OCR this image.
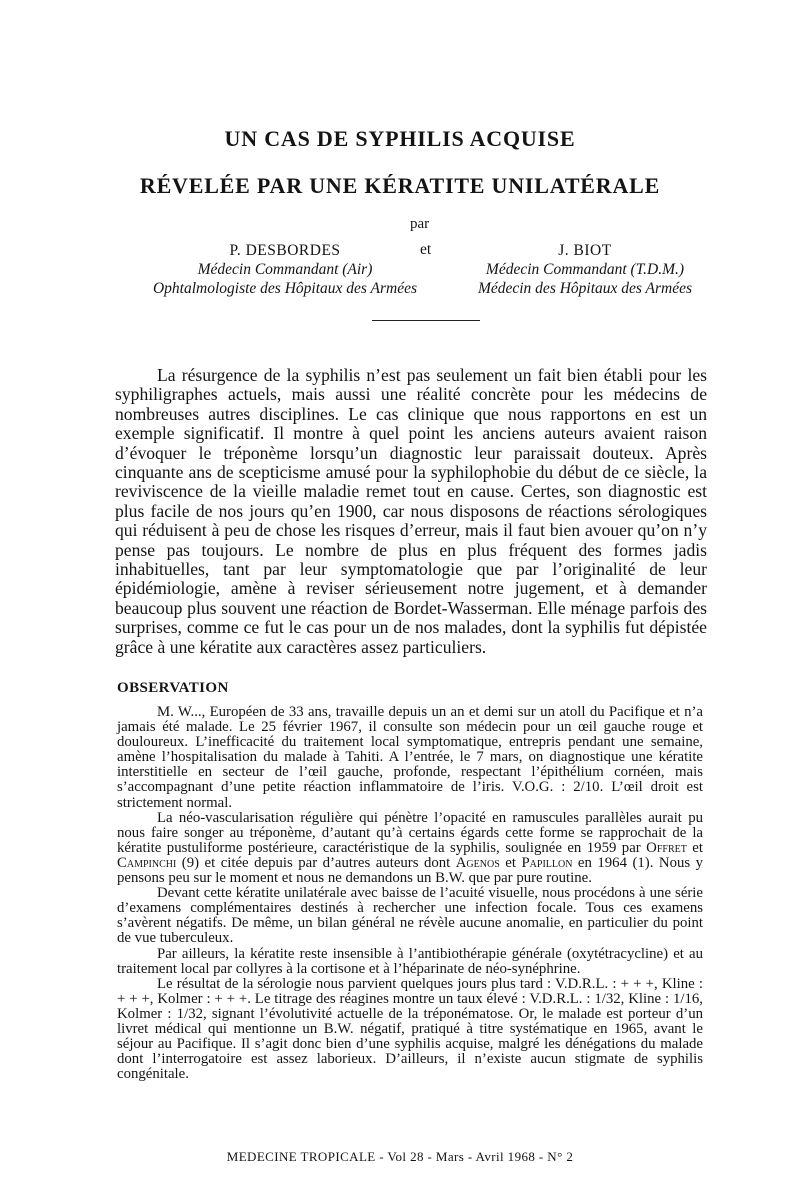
UN CAS DE SYPHILIS ACQUISE
RÉVELÉE PAR UNE KÉRATITE UNILATÉRALE
par
P. DESBORDES
Médecin Commandant (Air)
Ophtalmologiste des Hôpitaux des Armées
et	J. BIOT
Médecin Commandant (T.D.M.)
Médecin des Hôpitaux des Armées

La résurgence de la syphilis n’est pas seulement un fait bien établi pour les syphiligraphes actuels, mais aussi une réalité concrète pour les médecins de nombreuses autres disciplines. Le cas clinique que nous rapportons en est un exemple significatif. Il montre à quel point les anciens auteurs avaient raison d’évoquer le tréponème lorsqu’un diagnostic leur paraissait douteux. Après cinquante ans de scepticisme amusé pour la syphilophobie du début de ce siècle, la reviviscence de la vieille maladie remet tout en cause. Certes, son diagnostic est plus facile de nos jours qu’en 1900, car nous disposons de réactions sérologiques qui réduisent à peu de chose les risques d’erreur, mais il faut bien avouer qu’on n’y pense pas toujours. Le nombre de plus en plus fréquent des formes jadis inhabituelles, tant par leur symptomatologie que par l’originalité de leur épidémiologie, amène à reviser sérieusement notre jugement, et à demander beaucoup plus souvent une réaction de Bordet-Wasserman. Elle ménage parfois des surprises, comme ce fut le cas pour un de nos malades, dont la syphilis fut dépistée grâce à une kératite aux caractères assez particuliers.

OBSERVATION

M. W..., Européen de 33 ans, travaille depuis un an et demi sur un atoll du Pacifique et n’a jamais été malade. Le 25 février 1967, il consulte son médecin pour un œil gauche rouge et douloureux. L’inefficacité du traitement local symptomatique, entrepris pendant une semaine, amène l’hospitalisation du malade à Tahiti. A l’entrée, le 7 mars, on diagnostique une kératite interstitielle en secteur de l’œil gauche, profonde, respectant l’épithélium cornéen, mais s’accompagnant d’une petite réaction inflammatoire de l’iris. V.O.G. : 2/10. L’œil droit est strictement normal.

La néo-vascularisation régulière qui pénètre l’opacité en ramuscules parallèles aurait pu nous faire songer au tréponème, d’autant qu’à certains égards cette forme se rapprochait de la kératite pustuliforme postérieure, caractéristique de la syphilis, soulignée en 1959 par Offret et Campinchi (9) et citée depuis par d’autres auteurs dont Agenos et Papillon en 1964 (1). Nous y pensons peu sur le moment et nous ne demandons un B.W. que par pure routine.

Devant cette kératite unilatérale avec baisse de l’acuité visuelle, nous procédons à une série d’examens complémentaires destinés à rechercher une infection focale. Tous ces examens s’avèrent négatifs. De même, un bilan général ne révèle aucune anomalie, en particulier du point de vue tuberculeux.

Par ailleurs, la kératite reste insensible à l’antibiothérapie générale (oxytétracycline) et au traitement local par collyres à la cortisone et à l’héparinate de néo-synéphrine.

Le résultat de la sérologie nous parvient quelques jours plus tard : V.D.R.L. : + + +, Kline : + + +, Kolmer : + + +. Le titrage des réagines montre un taux élevé : V.D.R.L. : 1/32, Kline : 1/16, Kolmer : 1/32, signant l’évolutivité actuelle de la tréponématose. Or, le malade est porteur d’un livret médical qui mentionne un B.W. négatif, pratiqué à titre systématique en 1965, avant le séjour au Pacifique. Il s’agit donc bien d’une syphilis acquise, malgré les dénégations du malade dont l’interrogatoire est assez laborieux. D’ailleurs, il n’existe aucun stigmate de syphilis congénitale.

MEDECINE TROPICALE - Vol 28 - Mars - Avril 1968 - N° 2
